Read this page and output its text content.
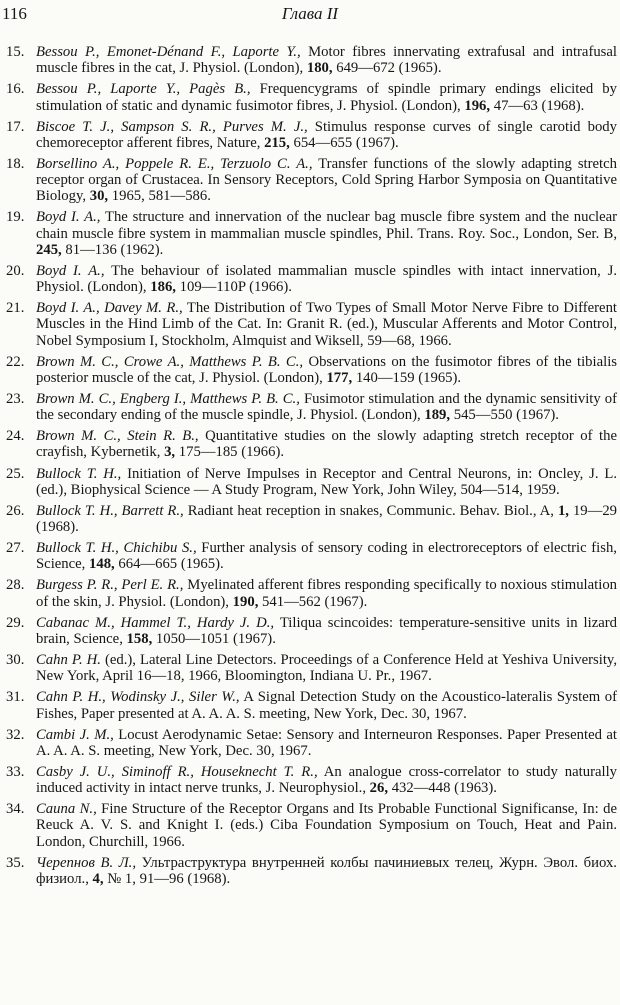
116	Глава II
15. Bessou P., Emonet-Dénand F., Laporte Y., Motor fibres innervating extrafusal and intrafusal muscle fibres in the cat, J. Physiol. (London), 180, 649—672 (1965).
16. Bessou P., Laporte Y., Pagès B., Frequencygrams of spindle primary endings elicited by stimulation of static and dynamic fusimotor fibres, J. Physiol. (London), 196, 47—63 (1968).
17. Biscoe T. J., Sampson S. R., Purves M. J., Stimulus response curves of single carotid body chemoreceptor afferent fibres, Nature, 215, 654—655 (1967).
18. Borsellino A., Poppele R. E., Terzuolo C. A., Transfer functions of the slowly adapting stretch receptor organ of Crustacea. In Sensory Receptors, Cold Spring Harbor Symposia on Quantitative Biology, 30, 1965, 581—586.
19. Boyd I. A., The structure and innervation of the nuclear bag muscle fibre system and the nuclear chain muscle fibre system in mammalian muscle spindles, Phil. Trans. Roy. Soc., London, Ser. B, 245, 81—136 (1962).
20. Boyd I. A., The behaviour of isolated mammalian muscle spindles with intact innervation, J. Physiol. (London), 186, 109—110P (1966).
21. Boyd I. A., Davey M. R., The Distribution of Two Types of Small Motor Nerve Fibre to Different Muscles in the Hind Limb of the Cat. In: Granit R. (ed.), Muscular Afferents and Motor Control, Nobel Symposium I, Stockholm, Almquist and Wiksell, 59—68, 1966.
22. Brown M. C., Crowe A., Matthews P. B. C., Observations on the fusimotor fibres of the tibialis posterior muscle of the cat, J. Physiol. (London), 177, 140—159 (1965).
23. Brown M. C., Engberg I., Matthews P. B. C., Fusimotor stimulation and the dynamic sensitivity of the secondary ending of the muscle spindle, J. Physiol. (London), 189, 545—550 (1967).
24. Brown M. C., Stein R. B., Quantitative studies on the slowly adapting stretch receptor of the crayfish, Kybernetik, 3, 175—185 (1966).
25. Bullock T. H., Initiation of Nerve Impulses in Receptor and Central Neurons, in: Oncley, J. L. (ed.), Biophysical Science — A Study Program, New York, John Wiley, 504—514, 1959.
26. Bullock T. H., Barrett R., Radiant heat reception in snakes, Communic. Behav. Biol., A, 1, 19—29 (1968).
27. Bullock T. H., Chichibu S., Further analysis of sensory coding in electroreceptors of electric fish, Science, 148, 664—665 (1965).
28. Burgess P. R., Perl E. R., Myelinated afferent fibres responding specifically to noxious stimulation of the skin, J. Physiol. (London), 190, 541—562 (1967).
29. Cabanac M., Hammel T., Hardy J. D., Tiliqua scincoides: temperature-sensitive units in lizard brain, Science, 158, 1050—1051 (1967).
30. Cahn P. H. (ed.), Lateral Line Detectors. Proceedings of a Conference Held at Yeshiva University, New York, April 16—18, 1966, Bloomington, Indiana U. Pr., 1967.
31. Cahn P. H., Wodinsky J., Siler W., A Signal Detection Study on the Acoustico-lateralis System of Fishes, Paper presented at A. A. A. S. meeting, New York, Dec. 30, 1967.
32. Cambi J. M., Locust Aerodynamic Setae: Sensory and Interneuron Responses. Paper Presented at A. A. A. S. meeting, New York, Dec. 30, 1967.
33. Casby J. U., Siminoff R., Houseknecht T. R., An analogue cross-correlator to study naturally induced activity in intact nerve trunks, J. Neurophysiol., 26, 432—448 (1963).
34. Cauna N., Fine Structure of the Receptor Organs and Its Probable Functional Significanse, In: de Reuck A. V. S. and Knight I. (eds.) Ciba Foundation Symposium on Touch, Heat and Pain. London, Churchill, 1966.
35. Черепнов В. Л., Ультраструктура внутренней колбы пачиниевых телец, Журн. Эвол. биох. физиол., 4, № 1, 91—96 (1968).
